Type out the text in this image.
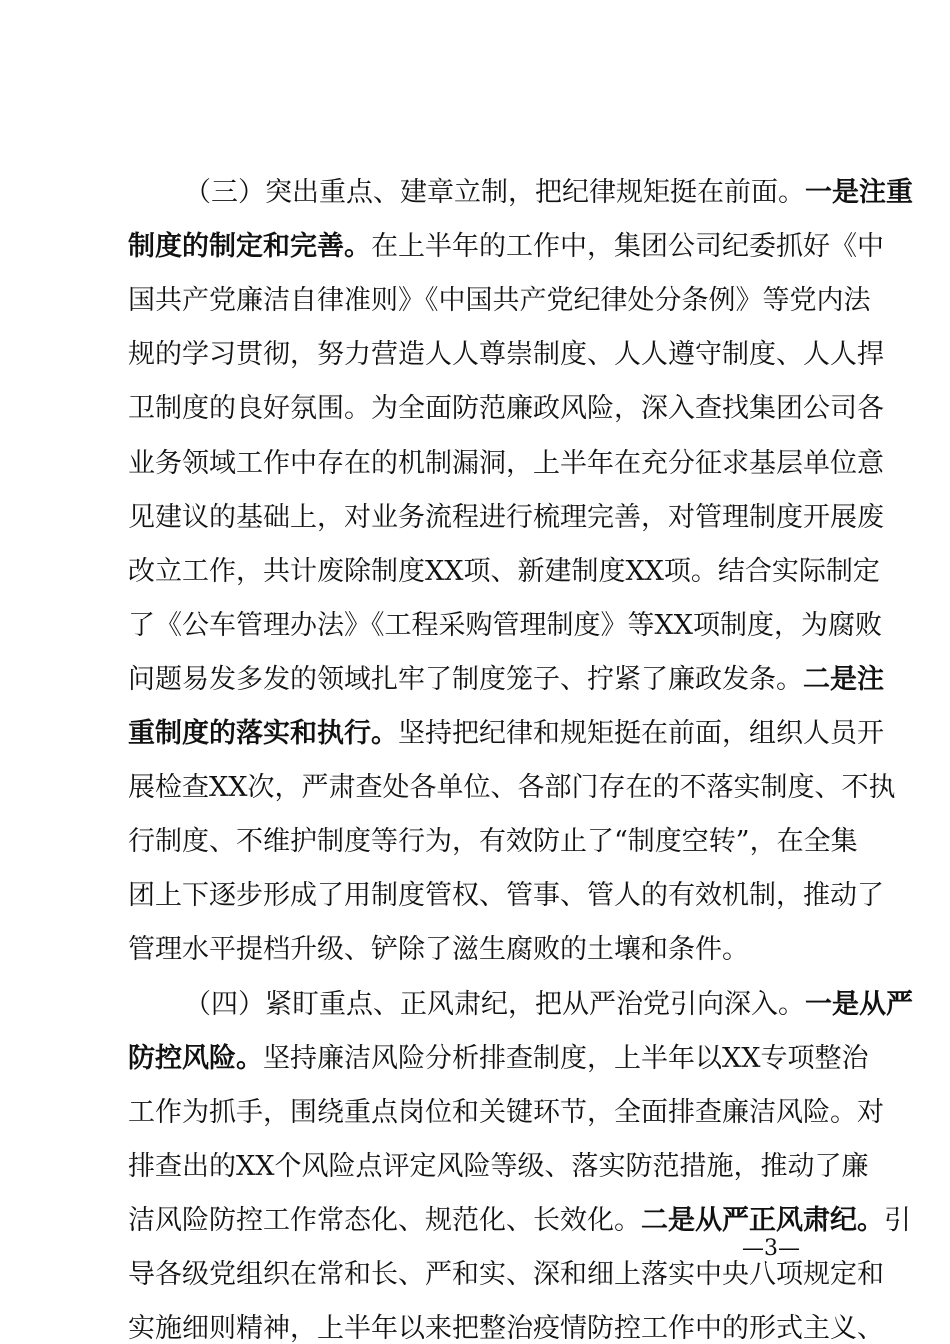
（三）突出重点、建章立制，把纪律规矩挺在前面。一是注重
制度的制定和完善。在上半年的工作中，集团公司纪委抓好《中
国共产党廉洁自律准则》《中国共产党纪律处分条例》等党内法
规的学习贯彻，努力营造人人尊崇制度、人人遵守制度、人人捍
卫制度的良好氛围。为全面防范廉政风险，深入查找集团公司各
业务领域工作中存在的机制漏洞，上半年在充分征求基层单位意
见建议的基础上，对业务流程进行梳理完善，对管理制度开展废
改立工作，共计废除制度XX项、新建制度XX项。结合实际制定
了《公车管理办法》《工程采购管理制度》等XX项制度，为腐败
问题易发多发的领域扎牢了制度笼子、拧紧了廉政发条。二是注
重制度的落实和执行。坚持把纪律和规矩挺在前面，组织人员开
展检查XX次，严肃查处各单位、各部门存在的不落实制度、不执
行制度、不维护制度等行为，有效防止了“制度空转”，在全集
团上下逐步形成了用制度管权、管事、管人的有效机制，推动了
管理水平提档升级、铲除了滋生腐败的土壤和条件。
（四）紧盯重点、正风肃纪，把从严治党引向深入。一是从严
防控风险。坚持廉洁风险分析排查制度，上半年以XX专项整治
工作为抓手，围绕重点岗位和关键环节，全面排查廉洁风险。对
排查出的XX个风险点评定风险等级、落实防范措施，推动了廉
洁风险防控工作常态化、规范化、长效化。二是从严正风肃纪。引
导各级党组织在常和长、严和实、深和细上落实中央八项规定和
实施细则精神，上半年以来把整治疫情防控工作中的形式主义、
—3—
